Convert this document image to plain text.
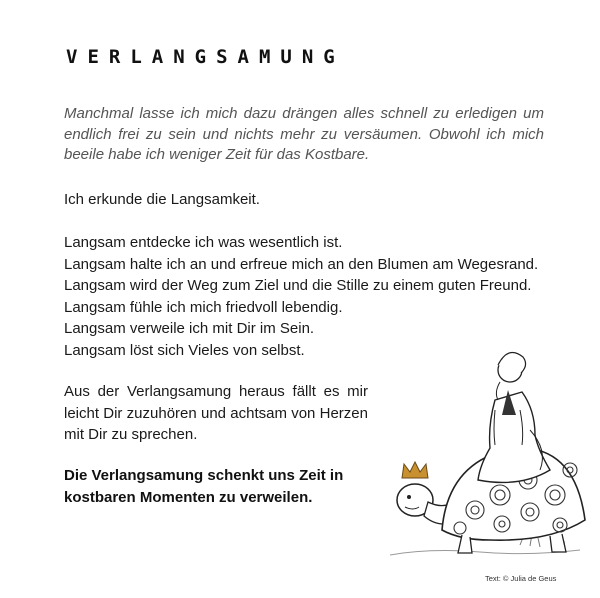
VERLANGSAMUNG
Manchmal lasse ich mich dazu drängen alles schnell zu erledigen um endlich frei zu sein und nichts mehr zu versäumen. Obwohl ich mich beeile habe ich weniger Zeit für das Kostbare.
Ich erkunde die Langsamkeit.
Langsam entdecke ich was wesentlich ist.
Langsam halte ich an und erfreue mich an den Blumen am Wegesrand.
Langsam wird der Weg zum Ziel und die Stille zu einem guten Freund.
Langsam fühle ich mich friedvoll lebendig.
Langsam verweile ich mit Dir im Sein.
Langsam löst sich Vieles von selbst.
Aus der Verlangsamung heraus fällt es mir leicht Dir zuzuhören und achtsam von Herzen mit Dir zu sprechen.
Die Verlangsamung schenkt uns Zeit in kostbaren Momenten zu verweilen.
Text: © Julia de Geus
